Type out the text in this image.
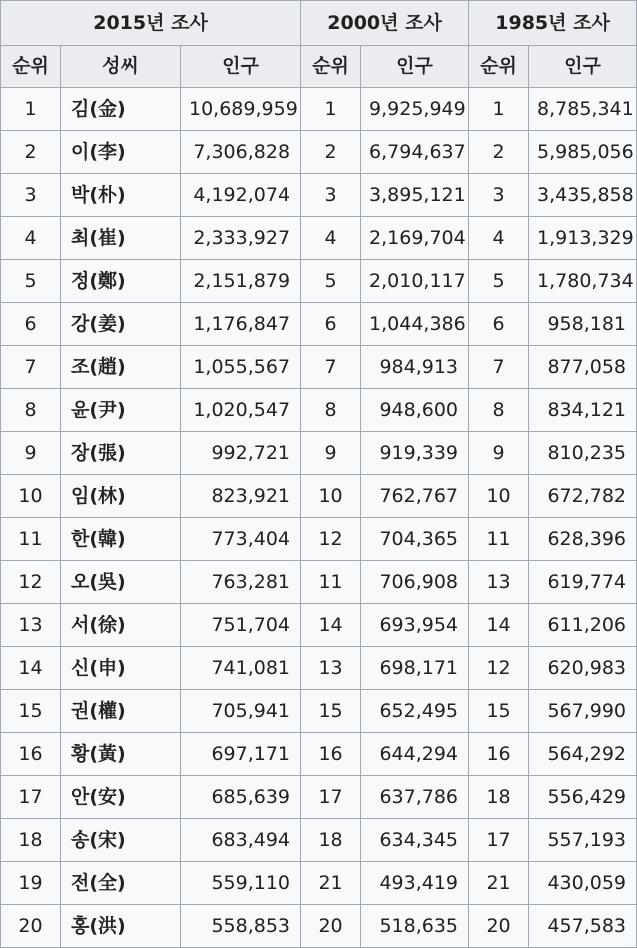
2015년 조사			2000년 조사		1985년 조사	
순위	성씨	인구	순위	인구	순위	인구
1	김(金)	10,689,959	1	9,925,949	1	8,785,341
2	이(李)	7,306,828	2	6,794,637	2	5,985,056
3	박(朴)	4,192,074	3	3,895,121	3	3,435,858
4	최(崔)	2,333,927	4	2,169,704	4	1,913,329
5	정(鄭)	2,151,879	5	2,010,117	5	1,780,734
6	강(姜)	1,176,847	6	1,044,386	6	958,181
7	조(趙)	1,055,567	7	984,913	7	877,058
8	윤(尹)	1,020,547	8	948,600	8	834,121
9	장(張)	992,721	9	919,339	9	810,235
10	임(林)	823,921	10	762,767	10	672,782
11	한(韓)	773,404	12	704,365	11	628,396
12	오(吳)	763,281	11	706,908	13	619,774
13	서(徐)	751,704	14	693,954	14	611,206
14	신(申)	741,081	13	698,171	12	620,983
15	권(權)	705,941	15	652,495	15	567,990
16	황(黃)	697,171	16	644,294	16	564,292
17	안(安)	685,639	17	637,786	18	556,429
18	송(宋)	683,494	18	634,345	17	557,193
19	전(全)	559,110	21	493,419	21	430,059
20	홍(洪)	558,853	20	518,635	20	457,583
